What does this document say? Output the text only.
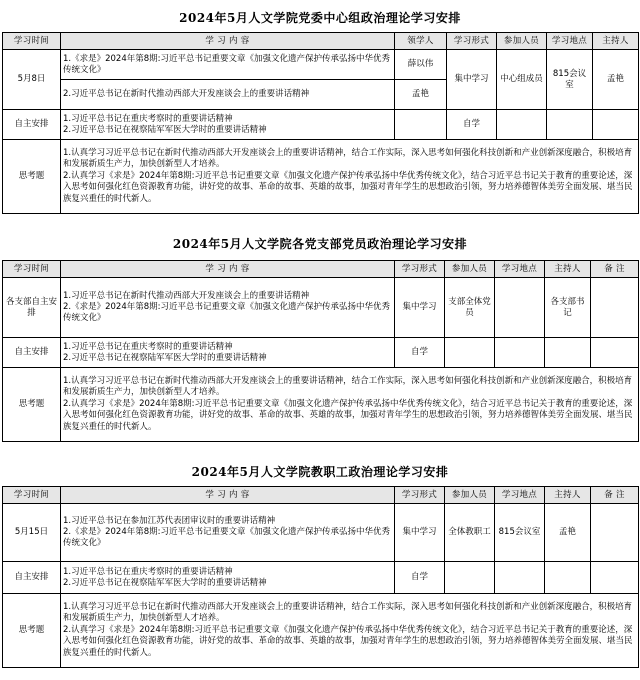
2024年5月人文学院党委中心组政治理论学习安排
学习时间	学 习 内 容	领学人	学习形式	参加人员	学习地点	主持人
5月8日	1.《求是》2024年第8期:习近平总书记重要文章《加强文化遗产保护传承弘扬中华优秀传统文化》	薛以伟	集中学习	中心组成员	815会议室	孟艳
	2.习近平总书记在新时代推动西部大开发座谈会上的重要讲话精神	孟艳				
自主安排	1.习近平总书记在重庆考察时的重要讲话精神
2.习近平总书记在视察陆军军医大学时的重要讲话精神		自学			
思考题	1.认真学习习近平总书记在新时代推动西部大开发座谈会上的重要讲话精神，结合工作实际，深入思考如何强化科技创新和产业创新深度融合，积极培育和发展新质生产力，加快创新型人才培养。
2.认真学习《求是》2024年第8期:习近平总书记重要文章《加强文化遗产保护传承弘扬中华优秀传统文化》，结合习近平总书记关于教育的重要论述，深入思考如何强化红色资源教育功能，讲好党的故事、革命的故事、英雄的故事，加强对青年学生的思想政治引领，努力培养德智体美劳全面发展、堪当民族复兴重任的时代新人。					
2024年5月人文学院各党支部党员政治理论学习安排
学习时间	学 习 内 容	学习形式	参加人员	学习地点	主持人	备 注
各支部自主安排	1.习近平总书记在新时代推动西部大开发座谈会上的重要讲话精神
2.《求是》2024年第8期:习近平总书记重要文章《加强文化遗产保护传承弘扬中华优秀传统文化》	集中学习	支部全体党员		各支部书记	
自主安排	1.习近平总书记在重庆考察时的重要讲话精神
2.习近平总书记在视察陆军军医大学时的重要讲话精神	自学				
思考题	1.认真学习习近平总书记在新时代推动西部大开发座谈会上的重要讲话精神，结合工作实际，深入思考如何强化科技创新和产业创新深度融合，积极培育和发展新质生产力，加快创新型人才培养。
2.认真学习《求是》2024年第8期:习近平总书记重要文章《加强文化遗产保护传承弘扬中华优秀传统文化》，结合习近平总书记关于教育的重要论述，深入思考如何强化红色资源教育功能，讲好党的故事、革命的故事、英雄的故事，加强对青年学生的思想政治引领，努力培养德智体美劳全面发展、堪当民族复兴重任的时代新人。					
2024年5月人文学院教职工政治理论学习安排
学习时间	学 习 内 容	学习形式	参加人员	学习地点	主持人	备 注
5月15日	1.习近平总书记在参加江苏代表团审议时的重要讲话精神
2.《求是》2024年第8期:习近平总书记重要文章《加强文化遗产保护传承弘扬中华优秀传统文化》	集中学习	全体教职工	815会议室	孟艳	
自主安排	1.习近平总书记在重庆考察时的重要讲话精神
2.习近平总书记在视察陆军军医大学时的重要讲话精神	自学				
思考题	1.认真学习习近平总书记在新时代推动西部大开发座谈会上的重要讲话精神，结合工作实际，深入思考如何强化科技创新和产业创新深度融合，积极培育和发展新质生产力，加快创新型人才培养。
2.认真学习《求是》2024年第8期:习近平总书记重要文章《加强文化遗产保护传承弘扬中华优秀传统文化》，结合习近平总书记关于教育的重要论述，深入思考如何强化红色资源教育功能，讲好党的故事、革命的故事、英雄的故事，加强对青年学生的思想政治引领，努力培养德智体美劳全面发展、堪当民族复兴重任的时代新人。					
